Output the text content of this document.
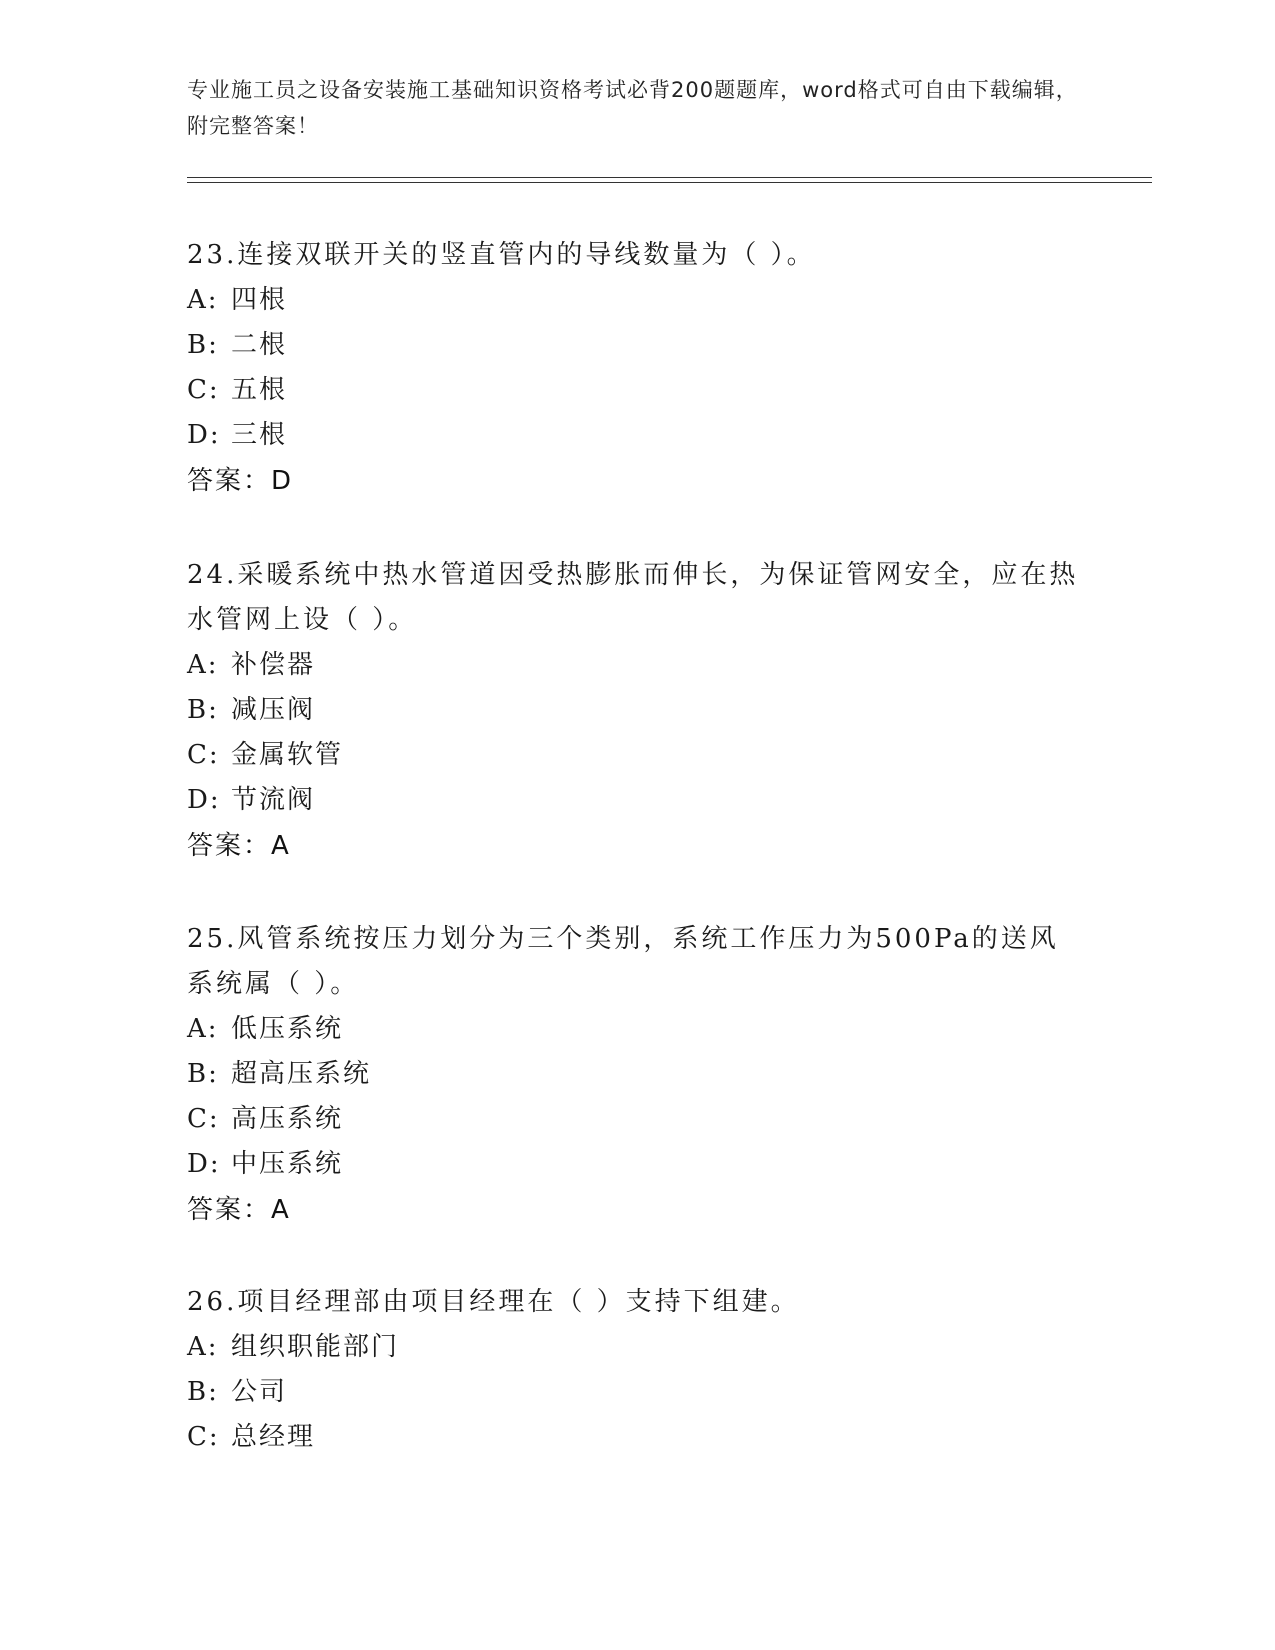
专业施工员之设备安装施工基础知识资格考试必背200题题库，word格式可自由下载编辑，附完整答案！

23.连接双联开关的竖直管内的导线数量为（ ）。

A: 四根
B: 二根
C: 五根
D: 三根
答案：D

24.采暖系统中热水管道因受热膨胀而伸长，为保证管网安全，应在热水管网上设（ ）。

A: 补偿器
B: 减压阀
C: 金属软管
D: 节流阀
答案：A

25.风管系统按压力划分为三个类别，系统工作压力为500Pa的送风系统属（ ）。

A: 低压系统
B: 超高压系统
C: 高压系统
D: 中压系统
答案：A

26.项目经理部由项目经理在（ ）支持下组建。

A: 组织职能部门
B: 公司
C: 总经理
